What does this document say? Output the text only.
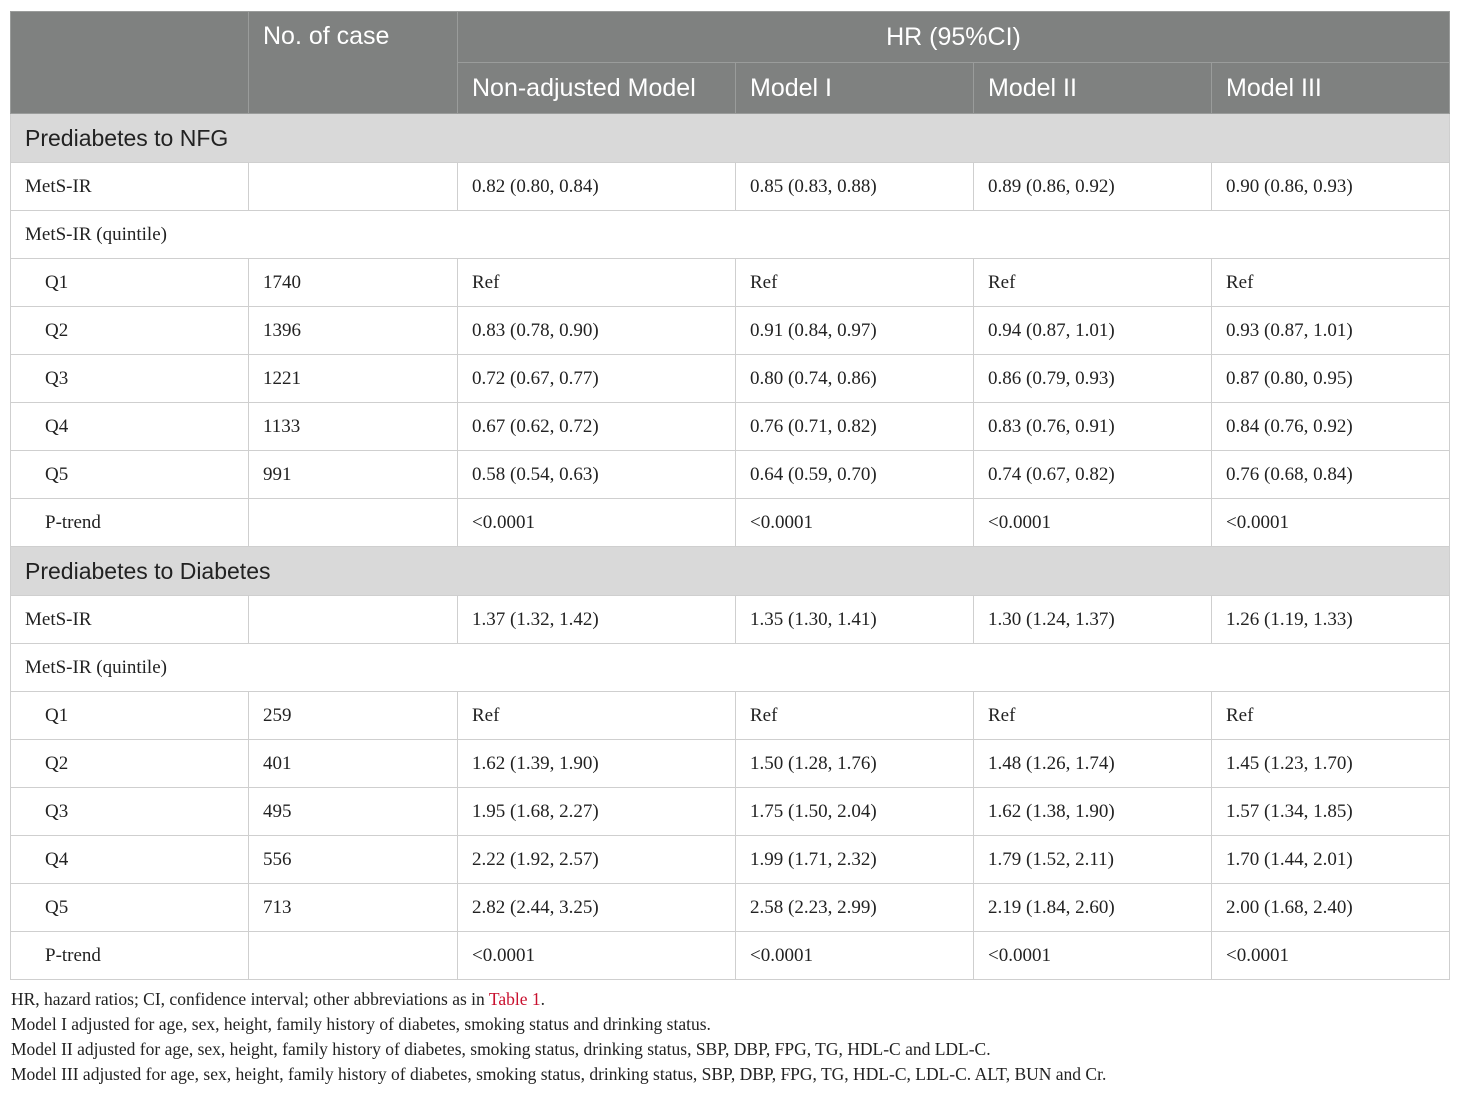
	No. of case	HR (95%CI)			
		Non-adjusted Model	Model I	Model II	Model III
Prediabetes to NFG					
MetS-IR		0.82 (0.80, 0.84)	0.85 (0.83, 0.88)	0.89 (0.86, 0.92)	0.90 (0.86, 0.93)
MetS-IR (quintile)					
Q1	1740	Ref	Ref	Ref	Ref
Q2	1396	0.83 (0.78, 0.90)	0.91 (0.84, 0.97)	0.94 (0.87, 1.01)	0.93 (0.87, 1.01)
Q3	1221	0.72 (0.67, 0.77)	0.80 (0.74, 0.86)	0.86 (0.79, 0.93)	0.87 (0.80, 0.95)
Q4	1133	0.67 (0.62, 0.72)	0.76 (0.71, 0.82)	0.83 (0.76, 0.91)	0.84 (0.76, 0.92)
Q5	991	0.58 (0.54, 0.63)	0.64 (0.59, 0.70)	0.74 (0.67, 0.82)	0.76 (0.68, 0.84)
P-trend		<0.0001	<0.0001	<0.0001	<0.0001
Prediabetes to Diabetes					
MetS-IR		1.37 (1.32, 1.42)	1.35 (1.30, 1.41)	1.30 (1.24, 1.37)	1.26 (1.19, 1.33)
MetS-IR (quintile)					
Q1	259	Ref	Ref	Ref	Ref
Q2	401	1.62 (1.39, 1.90)	1.50 (1.28, 1.76)	1.48 (1.26, 1.74)	1.45 (1.23, 1.70)
Q3	495	1.95 (1.68, 2.27)	1.75 (1.50, 2.04)	1.62 (1.38, 1.90)	1.57 (1.34, 1.85)
Q4	556	2.22 (1.92, 2.57)	1.99 (1.71, 2.32)	1.79 (1.52, 2.11)	1.70 (1.44, 2.01)
Q5	713	2.82 (2.44, 3.25)	2.58 (2.23, 2.99)	2.19 (1.84, 2.60)	2.00 (1.68, 2.40)
P-trend		<0.0001	<0.0001	<0.0001	<0.0001

HR, hazard ratios; CI, confidence interval; other abbreviations as in Table 1.

Model I adjusted for age, sex, height, family history of diabetes, smoking status and drinking status.

Model II adjusted for age, sex, height, family history of diabetes, smoking status, drinking status, SBP, DBP, FPG, TG, HDL-C and LDL-C.

Model III adjusted for age, sex, height, family history of diabetes, smoking status, drinking status, SBP, DBP, FPG, TG, HDL-C, LDL-C. ALT, BUN and Cr.
